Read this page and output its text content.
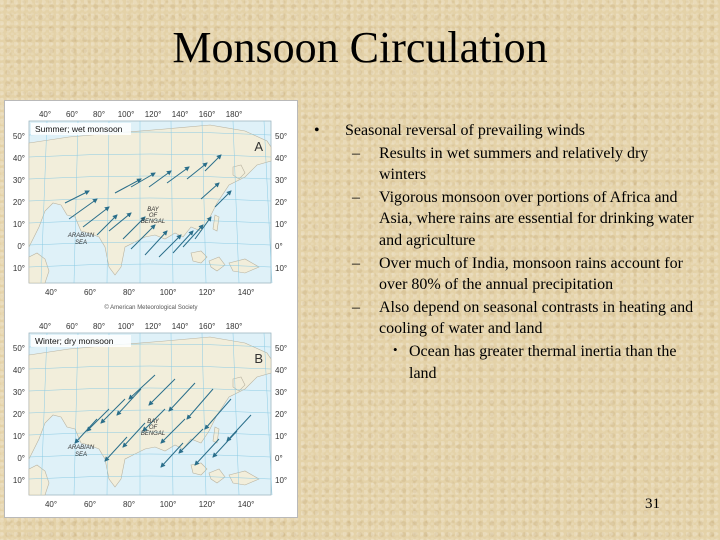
Monsoon Circulation
Summer; wet monsoon
A
BAY
OF
BENGAL
ARABIAN
SEA
40° 60° 80° 100° 120° 140° 160° 180°
40°	60°	80°	100°	120°	140°
50°	50°
40°	40°
30°	30°
20°	20°
10°	10°
0°	0°
10°	10°
© American Meteorological Society
Winter; dry monsoon
B
BAY
OF
BENGAL
ARABIAN
SEA
40° 60° 80° 100° 120° 140° 160° 180°
40°	60°	80°	100°	120°	140°
50°	50°
40°	40°
30°	30°
20°	20°
10°	10°
0°	0°
10°	10°
• Seasonal reversal of prevailing winds
– Results in wet summers and relatively dry winters
– Vigorous monsoon over portions of Africa and Asia, where rains are essential for drinking water and agriculture
– Over much of India, monsoon rains account for over 80% of the annual precipitation
– Also depend on seasonal contrasts in heating and cooling of water and land
• Ocean has greater thermal inertia than the land
31
